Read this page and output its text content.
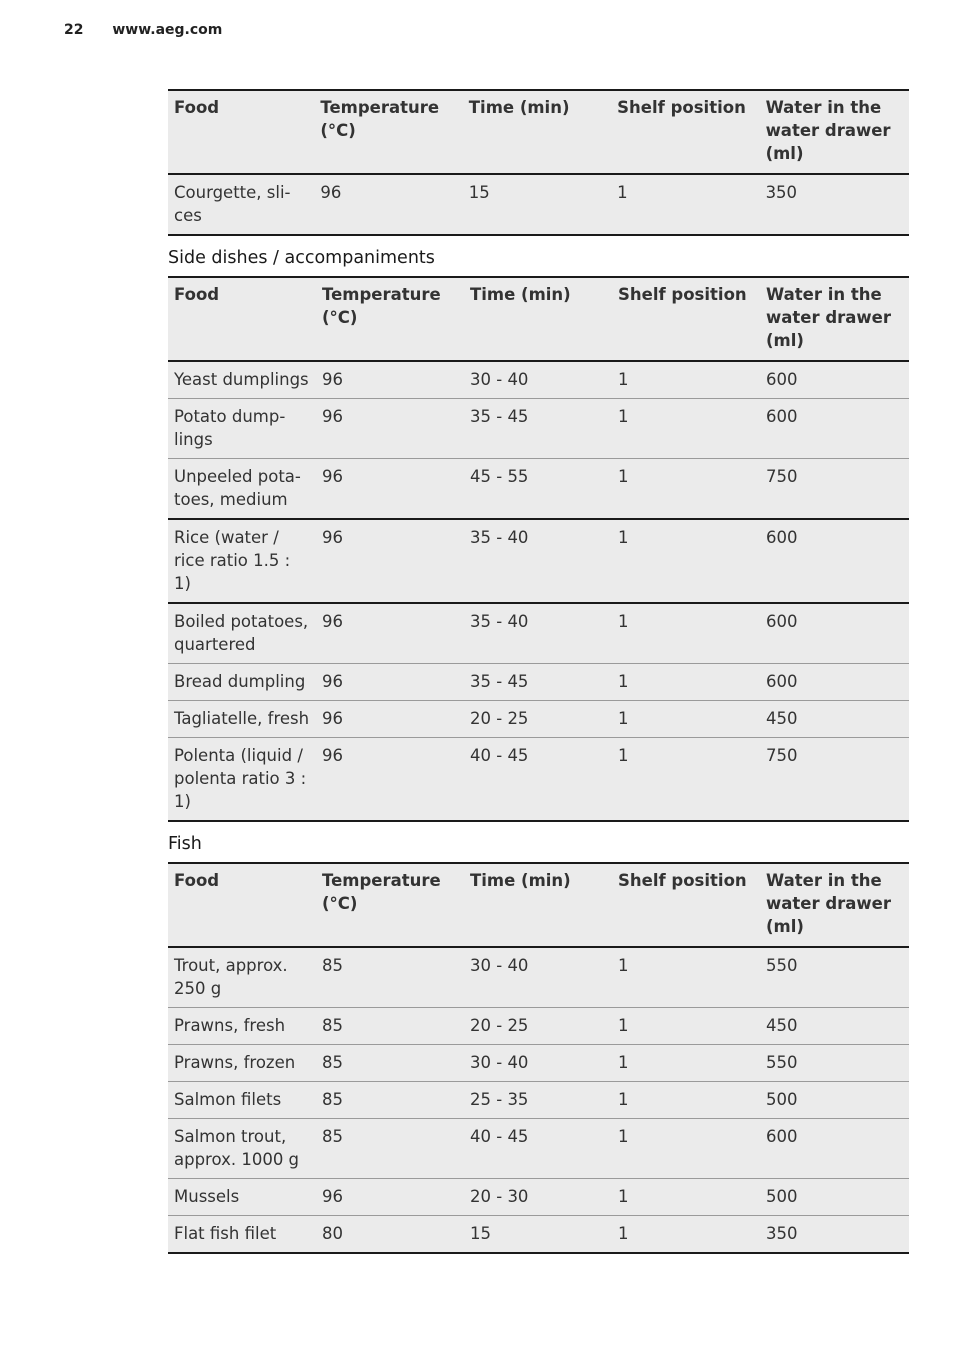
22 www.aeg.com
Food	Temperature (°C)	Time (min)	Shelf position	Water in the water drawer (ml)
Courgette, sli-ces	96	15	1	350
Side dishes / accompaniments
Food	Temperature (°C)	Time (min)	Shelf position	Water in the water drawer (ml)
Yeast dumplings	96	30 - 40	1	600
Potato dump-lings	96	35 - 45	1	600
Unpeeled pota-toes, medium	96	45 - 55	1	750
Rice (water / rice ratio 1.5 : 1)	96	35 - 40	1	600
Boiled potatoes, quartered	96	35 - 40	1	600
Bread dumpling	96	35 - 45	1	600
Tagliatelle, fresh	96	20 - 25	1	450
Polenta (liquid / polenta ratio 3 : 1)	96	40 - 45	1	750
Fish
Food	Temperature (°C)	Time (min)	Shelf position	Water in the water drawer (ml)
Trout, approx. 250 g	85	30 - 40	1	550
Prawns, fresh	85	20 - 25	1	450
Prawns, frozen	85	30 - 40	1	550
Salmon filets	85	25 - 35	1	500
Salmon trout, approx. 1000 g	85	40 - 45	1	600
Mussels	96	20 - 30	1	500
Flat fish filet	80	15	1	350
